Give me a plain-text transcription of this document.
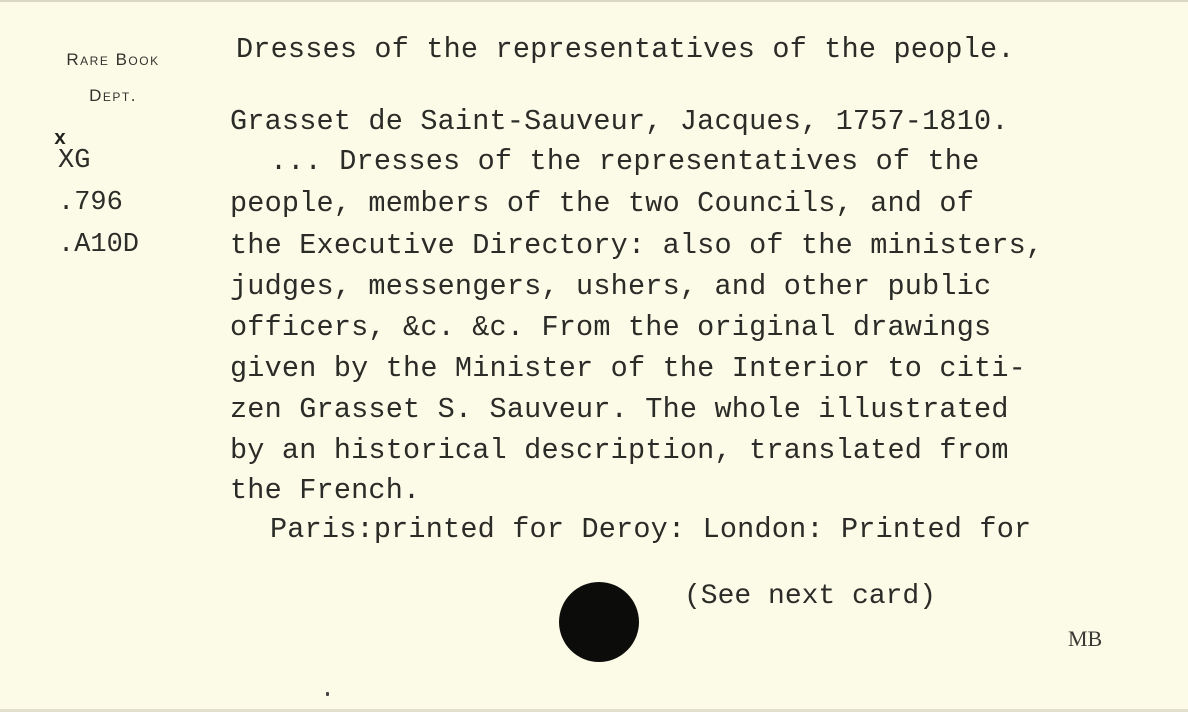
Rare Book
Dept.
x
XG
.796
.A10D
Dresses of the representatives of the people.
Grasset de Saint-Sauveur, Jacques, 1757-1810.
... Dresses of the representatives of the
people, members of the two Councils, and of
the Executive Directory: also of the ministers,
judges, messengers, ushers, and other public
officers, &c. &c. From the original drawings
given by the Minister of the Interior to citi-
zen Grasset S. Sauveur. The whole illustrated
by an historical description, translated from
the French.
Paris:printed for Deroy: London: Printed for
(See next card)
MB
